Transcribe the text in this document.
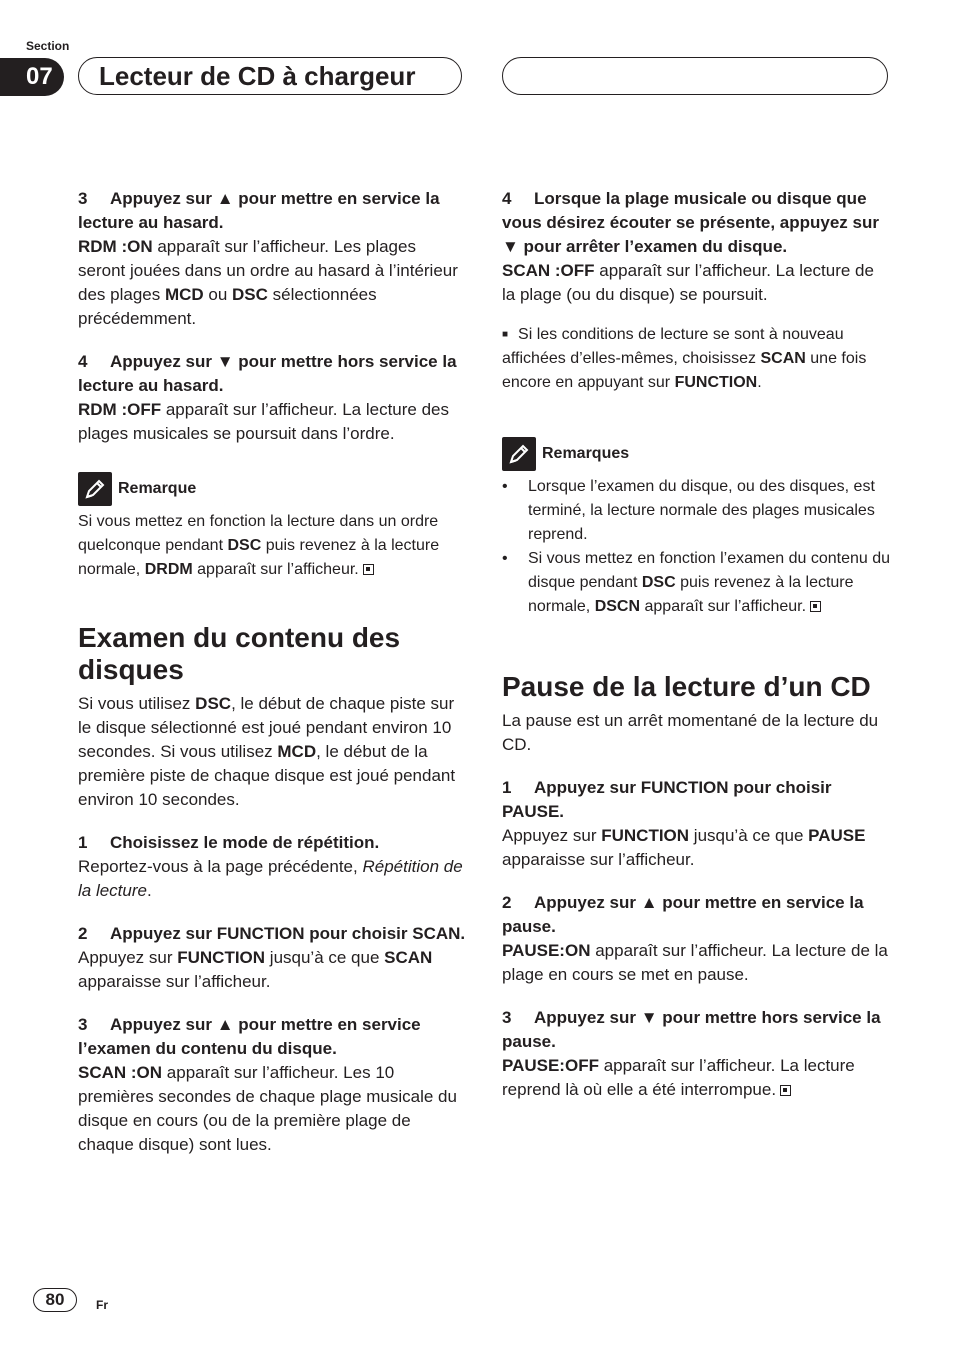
Section
07	Lecteur de CD à chargeur

3 Appuyez sur ▲ pour mettre en service la lecture au hasard.

RDM :ON apparaît sur l’afficheur. Les plages seront jouées dans un ordre au hasard à l’intérieur des plages MCD ou DSC sélectionnées précédemment.

4 Appuyez sur ▼ pour mettre hors service la lecture au hasard.

RDM :OFF apparaît sur l’afficheur. La lecture des plages musicales se poursuit dans l’ordre.

Remarque

Si vous mettez en fonction la lecture dans un ordre quelconque pendant DSC puis revenez à la lecture normale, DRDM apparaît sur l’afficheur.

Examen du contenu des disques

Si vous utilisez DSC, le début de chaque piste sur le disque sélectionné est joué pendant environ 10 secondes. Si vous utilisez MCD, le début de la première piste de chaque disque est joué pendant environ 10 secondes.

1 Choisissez le mode de répétition.

Reportez-vous à la page précédente, Répétition de la lecture.

2 Appuyez sur FUNCTION pour choisir SCAN.

Appuyez sur FUNCTION jusqu’à ce que SCAN apparaisse sur l’afficheur.

3 Appuyez sur ▲ pour mettre en service l’examen du contenu du disque.

SCAN :ON apparaît sur l’afficheur. Les 10 premières secondes de chaque plage musicale du disque en cours (ou de la première plage de chaque disque) sont lues.

4 Lorsque la plage musicale ou disque que vous désirez écouter se présente, appuyez sur ▼ pour arrêter l’examen du disque.

SCAN :OFF apparaît sur l’afficheur. La lecture de la plage (ou du disque) se poursuit.

■ Si les conditions de lecture se sont à nouveau affichées d’elles-mêmes, choisissez SCAN une fois encore en appuyant sur FUNCTION.

Remarques
•	Lorsque l’examen du disque, ou des disques, est terminé, la lecture normale des plages musicales reprend.
•	Si vous mettez en fonction l’examen du contenu du disque pendant DSC puis revenez à la lecture normale, DSCN apparaît sur l’afficheur.
Pause de la lecture d’un CD

La pause est un arrêt momentané de la lecture du CD.

1 Appuyez sur FUNCTION pour choisir PAUSE.

Appuyez sur FUNCTION jusqu’à ce que PAUSE apparaisse sur l’afficheur.

2 Appuyez sur ▲ pour mettre en service la pause.

PAUSE:ON apparaît sur l’afficheur. La lecture de la plage en cours se met en pause.

3 Appuyez sur ▼ pour mettre hors service la pause.

PAUSE:OFF apparaît sur l’afficheur. La lecture reprend là où elle a été interrompue.

80	Fr
